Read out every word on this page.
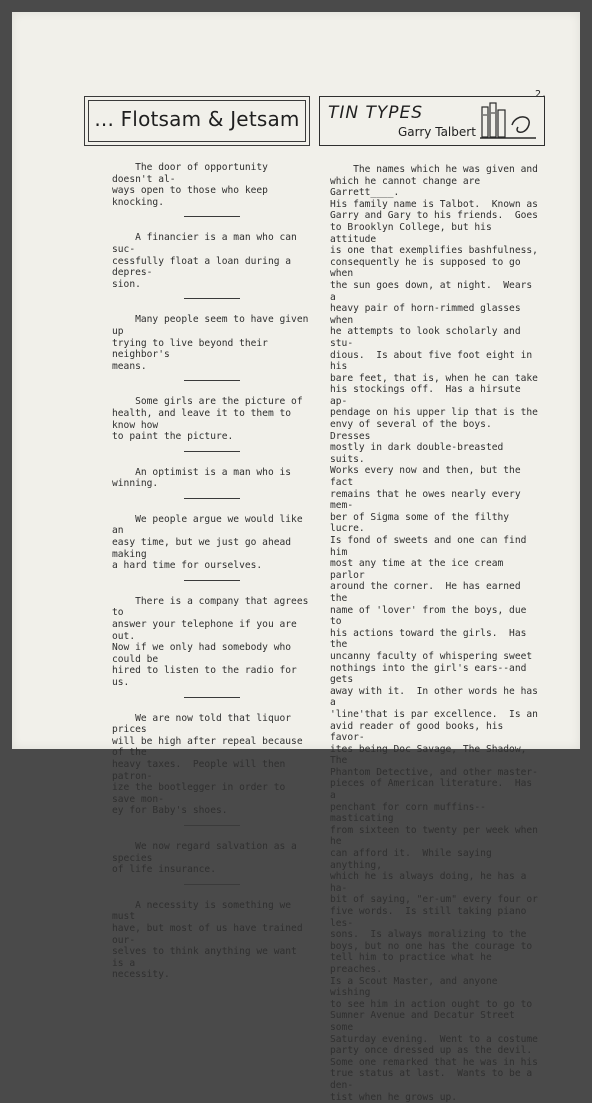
2.
... Flotsam & Jetsam	TIN TYPES
Garry Talbert

The door of opportunity doesn't al-
ways open to those who keep knocking.

A financier is a man who can suc-
cessfully float a loan during a depres-
sion.

Many people seem to have given up
trying to live beyond their neighbor's
means.

Some girls are the picture of
health, and leave it to them to know how
to paint the picture.

An optimist is a man who is winning.

We people argue we would like an
easy time, but we just go ahead making
a hard time for ourselves.

There is a company that agrees to
answer your telephone if you are out.
Now if we only had somebody who could be
hired to listen to the radio for us.

We are now told that liquor prices
will be high after repeal because of the
heavy taxes.  People will then patron-
ize the bootlegger in order to save mon-
ey for Baby's shoes.

We now regard salvation as a species
of life insurance.

A necessity is something we must
have, but most of us have trained our-
selves to think anything we want is a
necessity.

The names which he was given and
which he cannot change are Garrett____.
His family name is Talbot.  Known as
Garry and Gary to his friends.  Goes
to Brooklyn College, but his attitude
is one that exemplifies bashfulness,
consequently he is supposed to go when
the sun goes down, at night.  Wears a
heavy pair of horn-rimmed glasses when
he attempts to look scholarly and stu-
dious.  Is about five foot eight in his
bare feet, that is, when he can take
his stockings off.  Has a hirsute ap-
pendage on his upper lip that is the
envy of several of the boys.  Dresses
mostly in dark double-breasted suits.
Works every now and then, but the fact
remains that he owes nearly every mem-
ber of Sigma some of the filthy lucre.
Is fond of sweets and one can find him
most any time at the ice cream parlor
around the corner.  He has earned the
name of 'lover' from the boys, due to
his actions toward the girls.  Has the
uncanny faculty of whispering sweet
nothings into the girl's ears--and gets
away with it.  In other words he has a
'line'that is par excellence.  Is an
avid reader of good books, his favor-
ites being Doc Savage, The Shadow, The
Phantom Detective, and other master-
pieces of American literature.  Has a
penchant for corn muffins--masticating
from sixteen to twenty per week when he
can afford it.  While saying anything,
which he is always doing, he has a ha-
bit of saying, "er-um" every four or
five words.  Is still taking piano les-
sons.  Is always moralizing to the
boys, but no one has the courage to
tell him to practice what he preaches.
Is a Scout Master, and anyone wishing
to see him in action ought to go to
Sumner Avenue and Decatur Street some
Saturday evening.  Went to a costume
party once dressed up as the devil.
Some one remarked that he was in his
true status at last.  Wants to be a den-
tist when he grows up.
